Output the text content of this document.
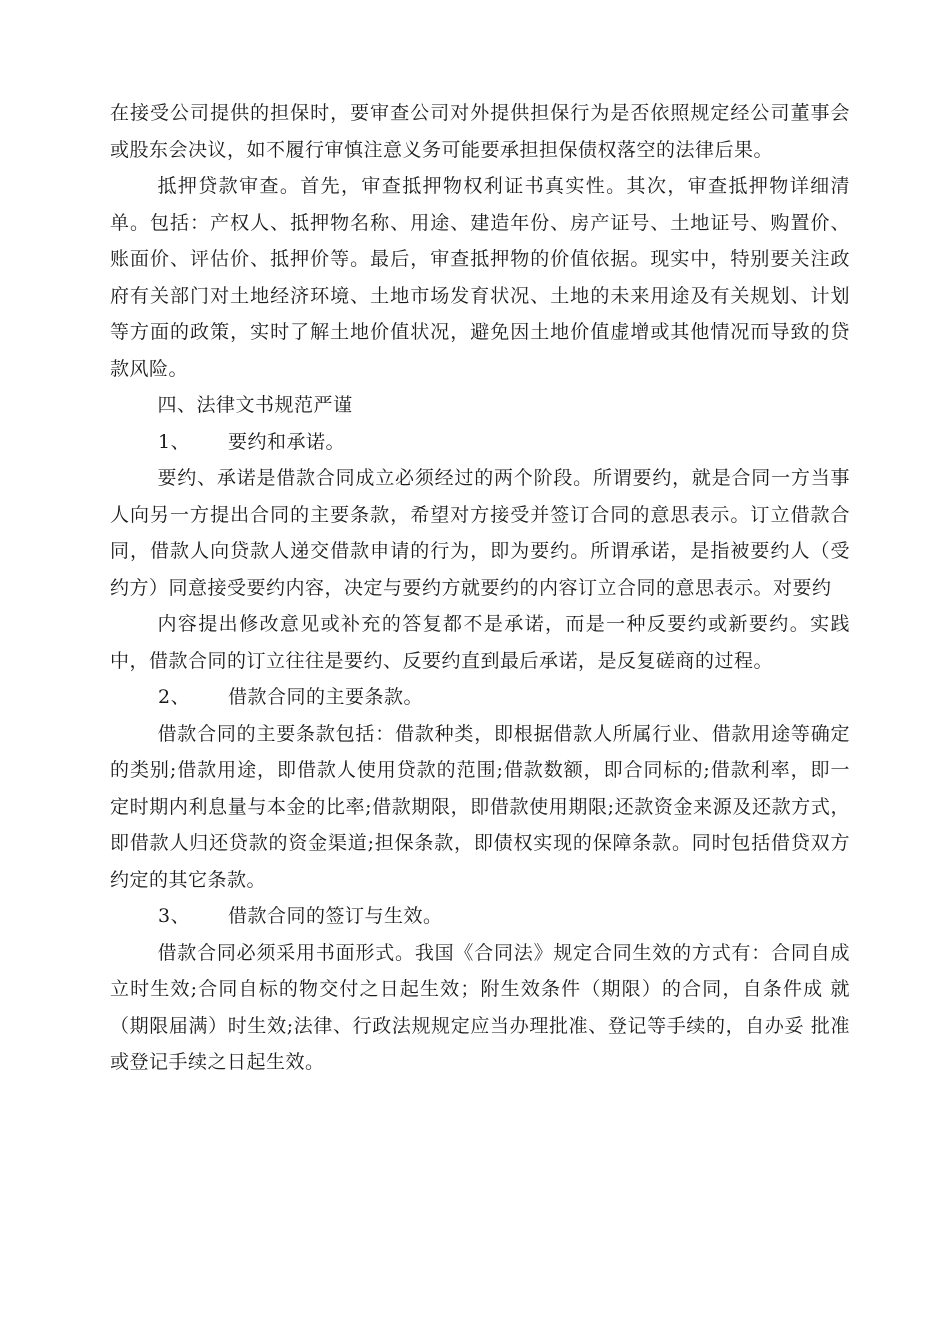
在接受公司提供的担保时，要审查公司对外提供担保行为是否依照规定经公司董事会或股东会决议，如不履行审慎注意义务可能要承担担保债权落空的法律后果。

抵押贷款审查。首先，审查抵押物权利证书真实性。其次，审查抵押物详细清单。包括：产权人、抵押物名称、用途、建造年份、房产证号、土地证号、购置价、账面价、评估价、抵押价等。最后，审查抵押物的价值依据。现实中，特别要关注政府有关部门对土地经济环境、土地市场发育状况、土地的未来用途及有关规划、计划等方面的政策，实时了解土地价值状况，避免因土地价值虚增或其他情况而导致的贷款风险。

四、法律文书规范严谨

1、 要约和承诺。

要约、承诺是借款合同成立必须经过的两个阶段。所谓要约，就是合同一方当事人向另一方提出合同的主要条款，希望对方接受并签订合同的意思表示。订立借款合同，借款人向贷款人递交借款申请的行为，即为要约。所谓承诺，是指被要约人（受约方）同意接受要约内容，决定与要约方就要约的内容订立合同的意思表示。对要约

内容提出修改意见或补充的答复都不是承诺，而是一种反要约或新要约。实践中，借款合同的订立往往是要约、反要约直到最后承诺，是反复磋商的过程。

2、 借款合同的主要条款。

借款合同的主要条款包括：借款种类，即根据借款人所属行业、借款用途等确定的类别;借款用途，即借款人使用贷款的范围;借款数额，即合同标的;借款利率，即一定时期内利息量与本金的比率;借款期限，即借款使用期限;还款资金来源及还款方式，即借款人归还贷款的资金渠道;担保条款，即债权实现的保障条款。同时包括借贷双方约定的其它条款。

3、 借款合同的签订与生效。

借款合同必须采用书面形式。我国《合同法》规定合同生效的方式有：合同自成立时生效;合同自标的物交付之日起生效；附生效条件（期限）的合同，自条件成 就（期限届满）时生效;法律、行政法规规定应当办理批准、登记等手续的，自办妥 批准或登记手续之日起生效。
